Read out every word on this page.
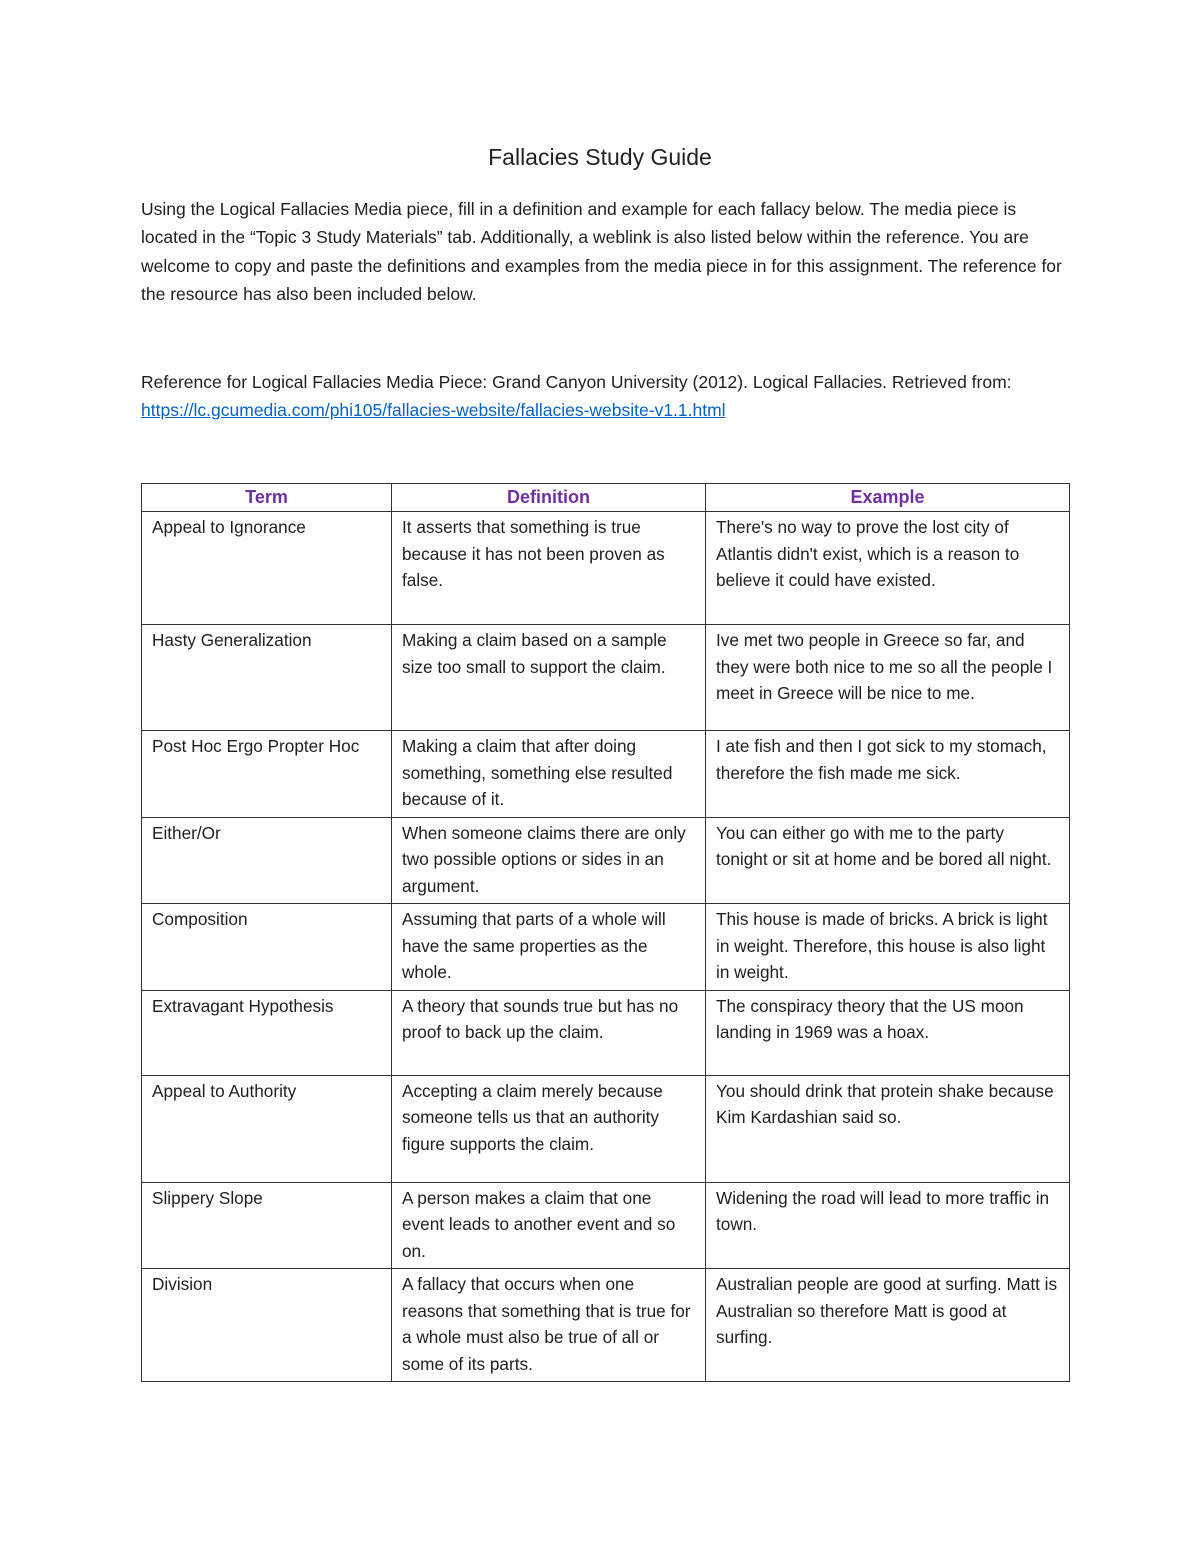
Fallacies Study Guide

Using the Logical Fallacies Media piece, fill in a definition and example for each fallacy below. The media piece is located in the “Topic 3 Study Materials” tab. Additionally, a weblink is also listed below within the reference. You are welcome to copy and paste the definitions and examples from the media piece in for this assignment. The reference for the resource has also been included below.

Reference for Logical Fallacies Media Piece: Grand Canyon University (2012). Logical Fallacies. Retrieved from: https://lc.gcumedia.com/phi105/fallacies-website/fallacies-website-v1.1.html

Term	Definition	Example
Appeal to Ignorance	It asserts that something is true because it has not been proven as false.	There's no way to prove the lost city of Atlantis didn't exist, which is a reason to believe it could have existed.
Hasty Generalization	Making a claim based on a sample size too small to support the claim.	Ive met two people in Greece so far, and they were both nice to me so all the people I meet in Greece will be nice to me.
Post Hoc Ergo Propter Hoc	Making a claim that after doing something, something else resulted because of it.	I ate fish and then I got sick to my stomach, therefore the fish made me sick.
Either/Or	When someone claims there are only two possible options or sides in an argument.	You can either go with me to the party tonight or sit at home and be bored all night.
Composition	Assuming that parts of a whole will have the same properties as the whole.	This house is made of bricks. A brick is light in weight. Therefore, this house is also light in weight.
Extravagant Hypothesis	A theory that sounds true but has no proof to back up the claim.	The conspiracy theory that the US moon landing in 1969 was a hoax.
Appeal to Authority	Accepting a claim merely because someone tells us that an authority figure supports the claim.	You should drink that protein shake because Kim Kardashian said so.
Slippery Slope	A person makes a claim that one event leads to another event and so on.	Widening the road will lead to more traffic in town.
Division	A fallacy that occurs when one reasons that something that is true for a whole must also be true of all or some of its parts.	Australian people are good at surfing. Matt is Australian so therefore Matt is good at surfing.
